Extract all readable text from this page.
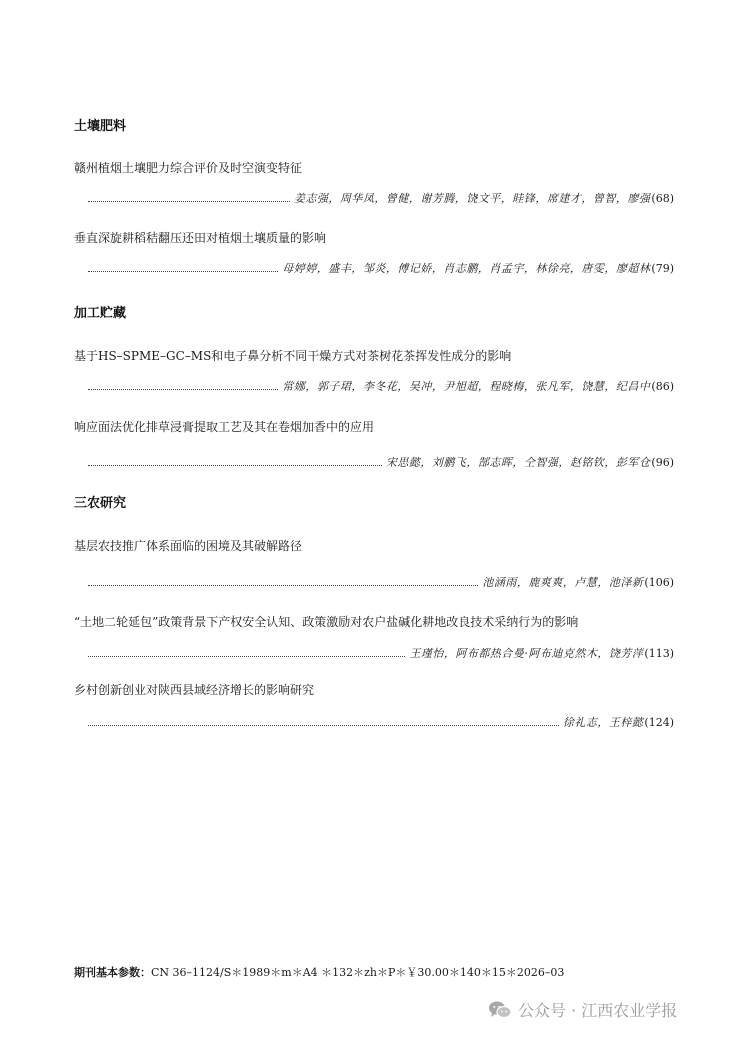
土壤肥料
赣州植烟土壤肥力综合评价及时空演变特征
姜志强，周华凤，曾健，谢芳腾，饶文平，眭锋，席建才，曾智，廖强 (68)
垂直深旋耕稻秸翻压还田对植烟土壤质量的影响
母婷婷，盛丰，邹炎，傅记娇，肖志鹏，肖孟宇，林徐亮，唐雯，廖超林 (79)
加工贮藏
基于HS–SPME–GC–MS和电子鼻分析不同干燥方式对茶树花茶挥发性成分的影响
常娜，郭子珺，李冬花，吴冲，尹旭超，程晓梅，张凡军，饶慧，纪昌中 (86)
响应面法优化排草浸膏提取工艺及其在卷烟加香中的应用
宋思懿，刘鹏飞，郜志晖，仝智强，赵铭钦，彭军仓 (96)
三农研究
基层农技推广体系面临的困境及其破解路径
池涵雨，鹿爽爽，卢慧，池泽新 (106)
“土地二轮延包”政策背景下产权安全认知、政策激励对农户盐碱化耕地改良技术采纳行为的影响
王瑾怡，阿布都热合曼·阿布迪克然木，饶芳萍 (113)
乡村创新创业对陕西县域经济增长的影响研究
徐礼志，王梓懿 (124)
期刊基本参数：CN 36–1124/S＊1989＊m＊A4 ＊132＊zh＊P＊￥30.00＊140＊15＊2026–03
公众号 · 江西农业学报
